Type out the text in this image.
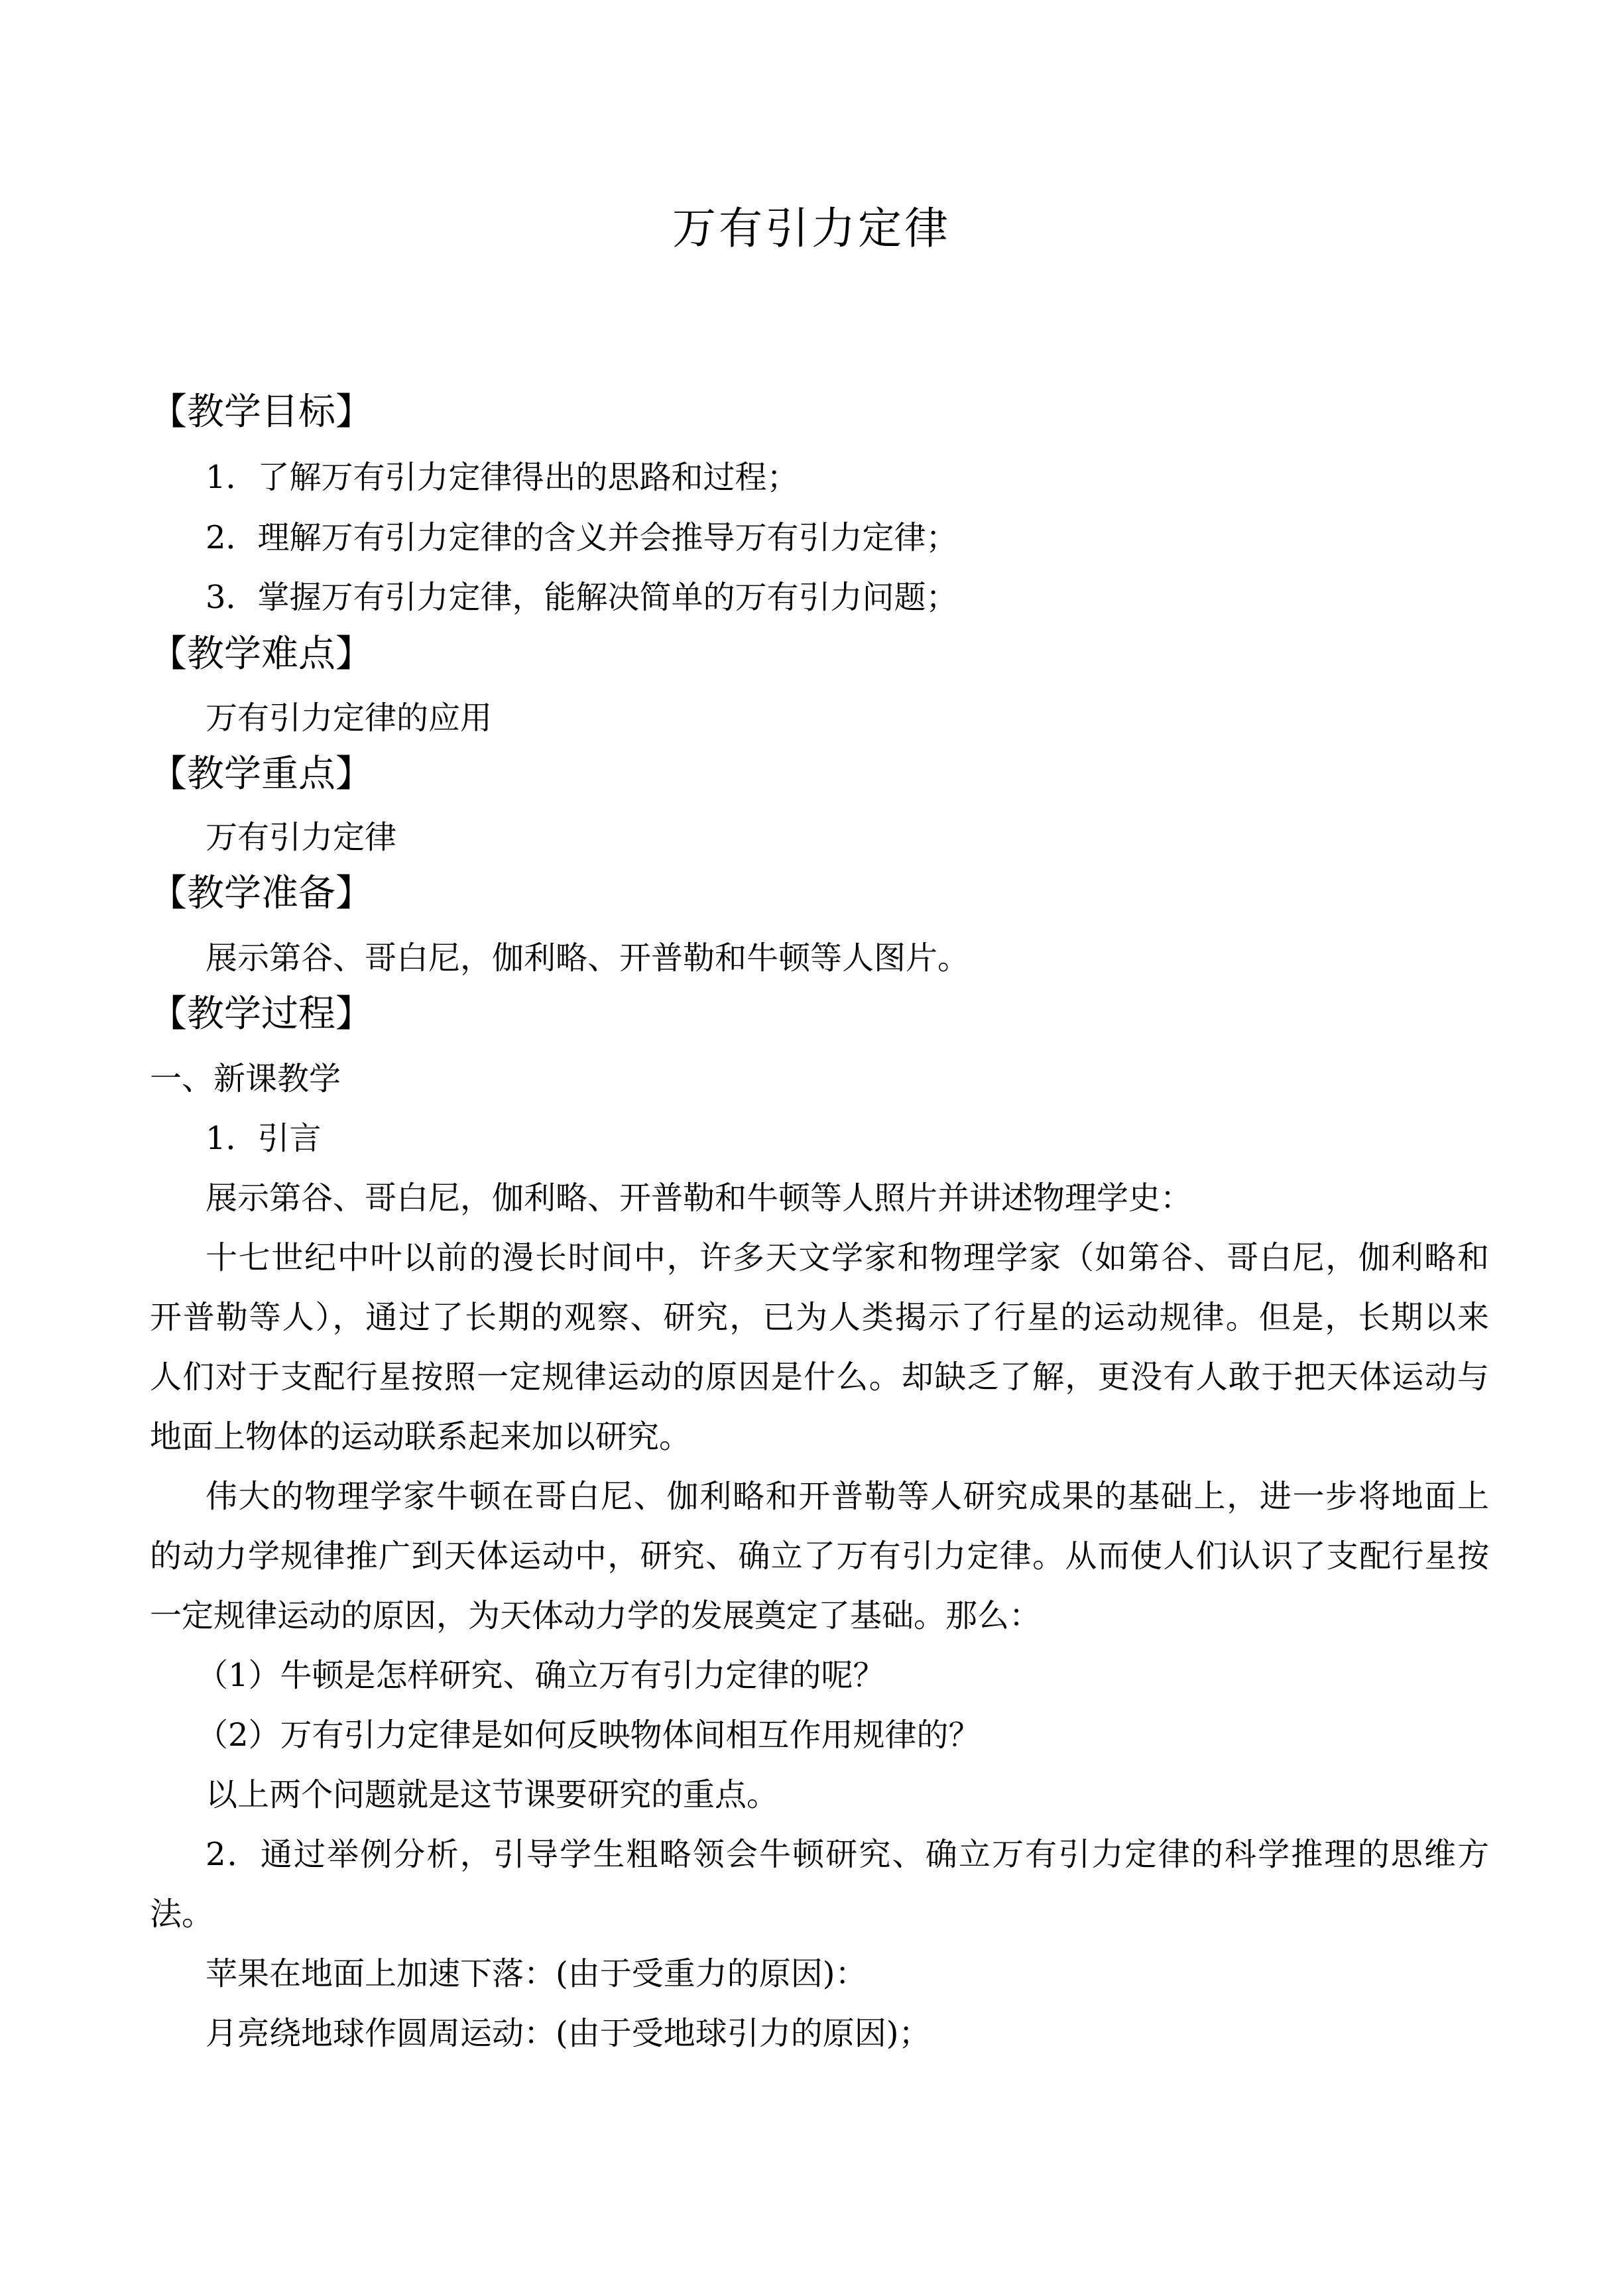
万有引力定律
【教学目标】
1．了解万有引力定律得出的思路和过程；
2．理解万有引力定律的含义并会推导万有引力定律；
3．掌握万有引力定律，能解决简单的万有引力问题；
【教学难点】
万有引力定律的应用
【教学重点】
万有引力定律
【教学准备】
展示第谷、哥白尼，伽利略、开普勒和牛顿等人图片。
【教学过程】
一、新课教学
1．引言
展示第谷、哥白尼，伽利略、开普勒和牛顿等人照片并讲述物理学史：
十七世纪中叶以前的漫长时间中，许多天文学家和物理学家（如第谷、哥白尼，伽利略和
开普勒等人），通过了长期的观察、研究，已为人类揭示了行星的运动规律。但是，长期以来
人们对于支配行星按照一定规律运动的原因是什么。却缺乏了解，更没有人敢于把天体运动与
地面上物体的运动联系起来加以研究。
伟大的物理学家牛顿在哥白尼、伽利略和开普勒等人研究成果的基础上，进一步将地面上
的动力学规律推广到天体运动中，研究、确立了万有引力定律。从而使人们认识了支配行星按
一定规律运动的原因，为天体动力学的发展奠定了基础。那么：
（1）牛顿是怎样研究、确立万有引力定律的呢？
（2）万有引力定律是如何反映物体间相互作用规律的？
以上两个问题就是这节课要研究的重点。
2．通过举例分析，引导学生粗略领会牛顿研究、确立万有引力定律的科学推理的思维方
法。
苹果在地面上加速下落：(由于受重力的原因)：
月亮绕地球作圆周运动：(由于受地球引力的原因)；
